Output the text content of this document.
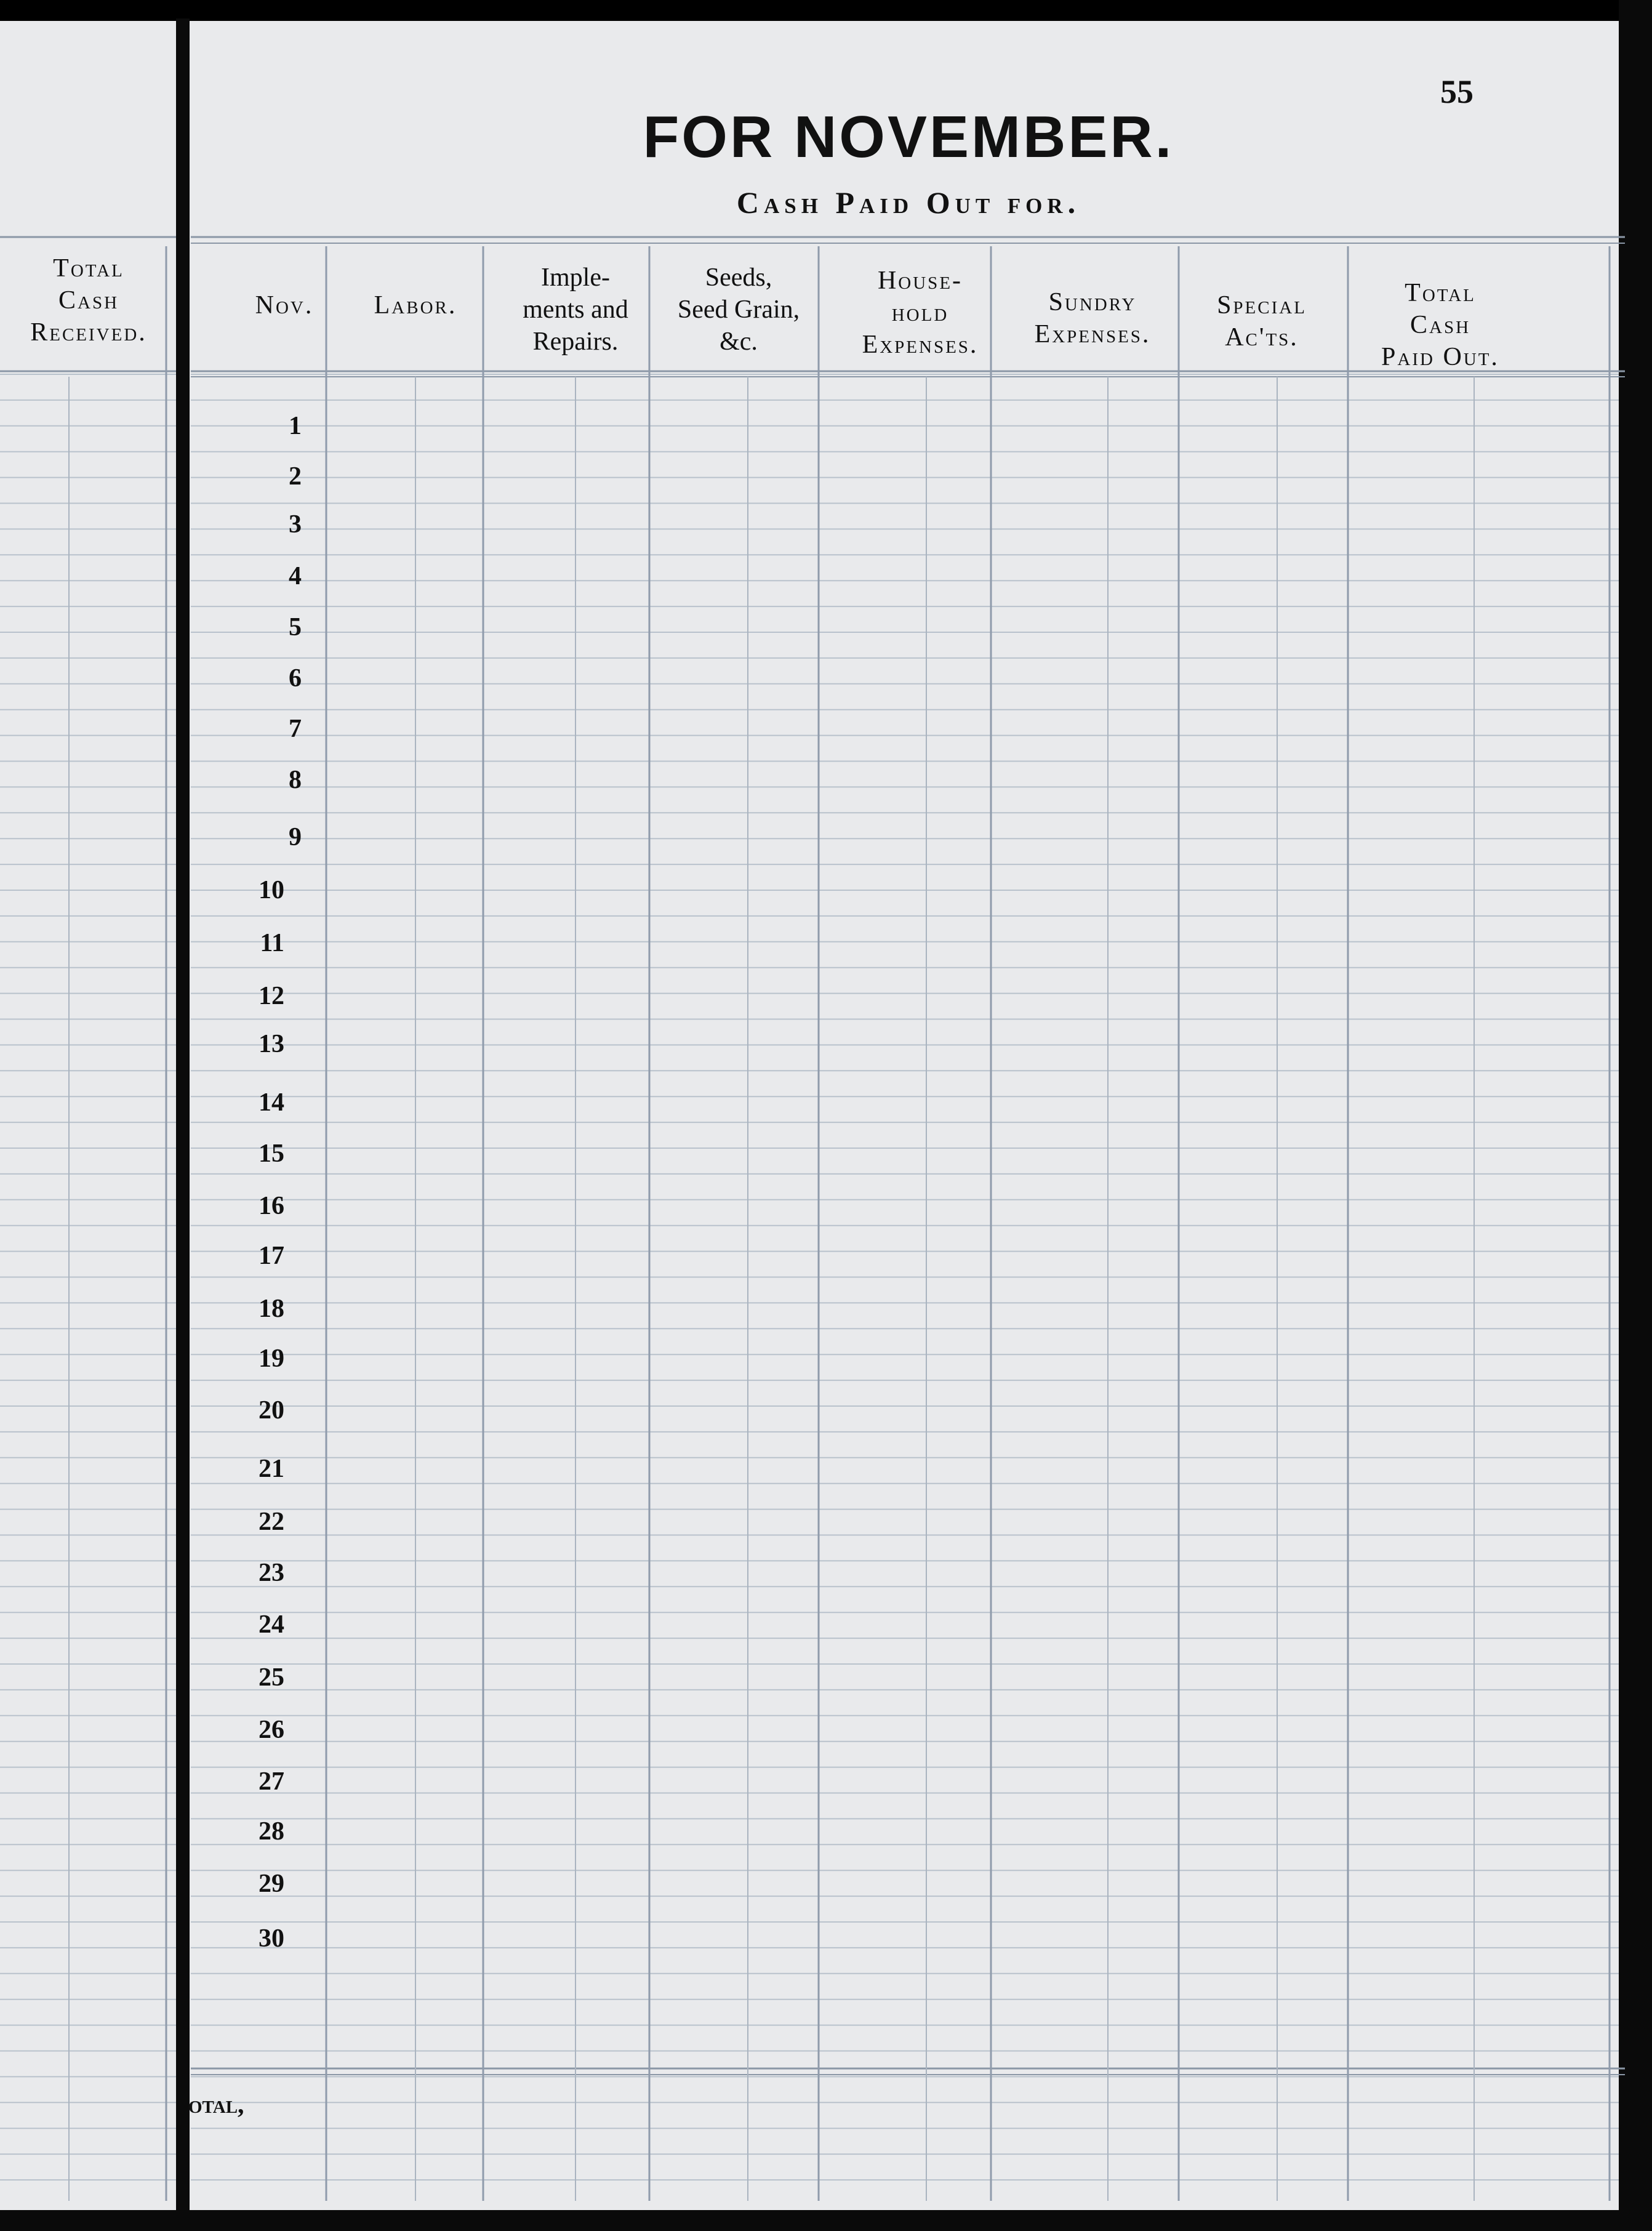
55
FOR NOVEMBER.
Cash Paid Out for.
Total
Cash
Received.
Nov.	Labor.
Imple-
ments and
Repairs.
Seeds,
Seed Grain,
&c.
House-
hold
Expenses.
Sundry
Expenses.
Special
Ac'ts.
Total
Cash
Paid Out.
1
2
3
4
5
6
7
8
9
10
11
12
13
14
15
16
17
18
19
20
21
22
23
24
25
26
27
28
29
30
otal,
